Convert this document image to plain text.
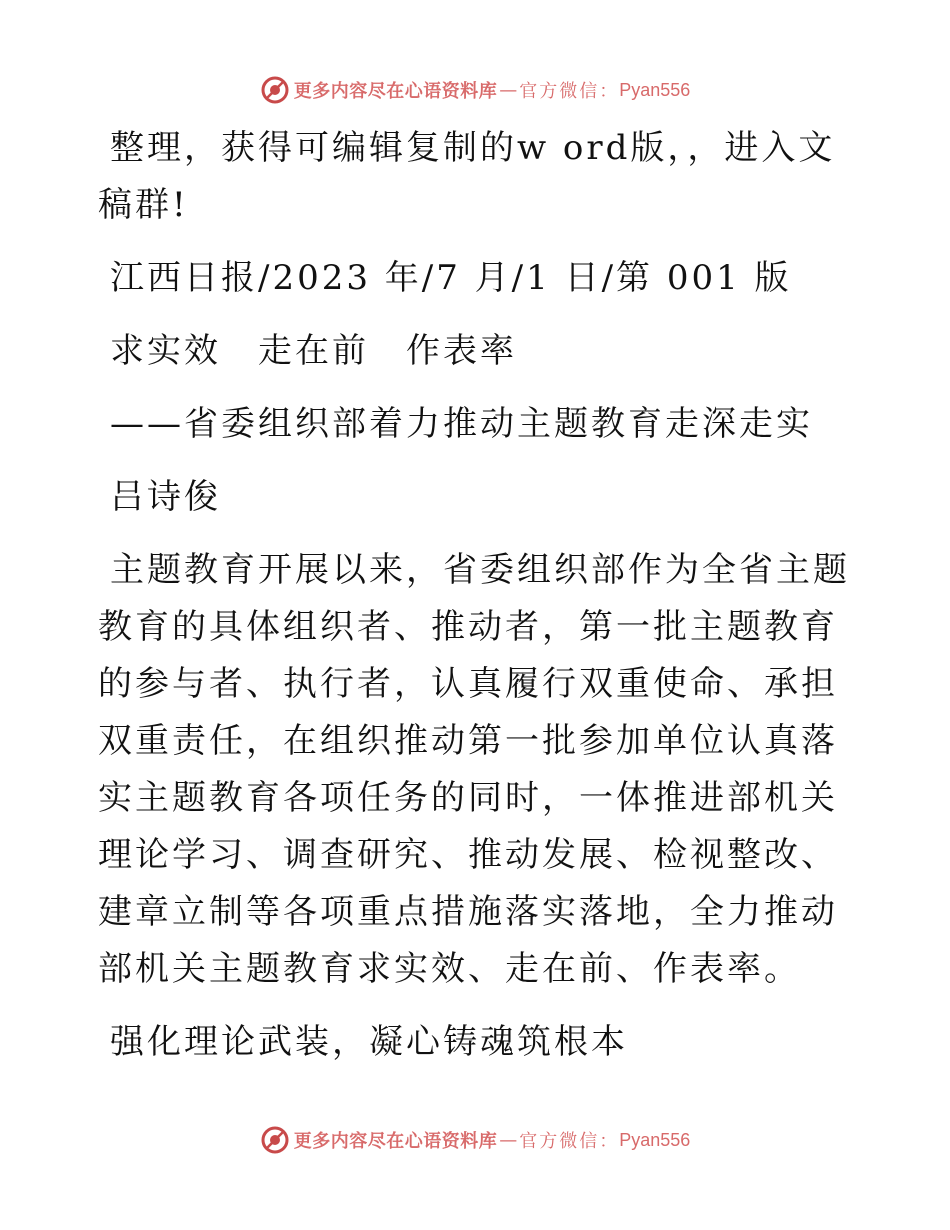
更多内容尽在心语资料库 — 官方微信： Pyan556

整理，获得可编辑复制的w ord版，，进入文稿群!

江西日报/2023 年/7 月/1 日/第 001 版

求实效　走在前　作表率

——省委组织部着力推动主题教育走深走实

吕诗俊

主题教育开展以来，省委组织部作为全省主题教育的具体组织者、推动者，第一批主题教育的参与者、执行者，认真履行双重使命、承担双重责任，在组织推动第一批参加单位认真落实主题教育各项任务的同时，一体推进部机关理论学习、调查研究、推动发展、检视整改、建章立制等各项重点措施落实落地，全力推动部机关主题教育求实效、走在前、作表率。

强化理论武装，凝心铸魂筑根本

更多内容尽在心语资料库 — 官方微信： Pyan556
